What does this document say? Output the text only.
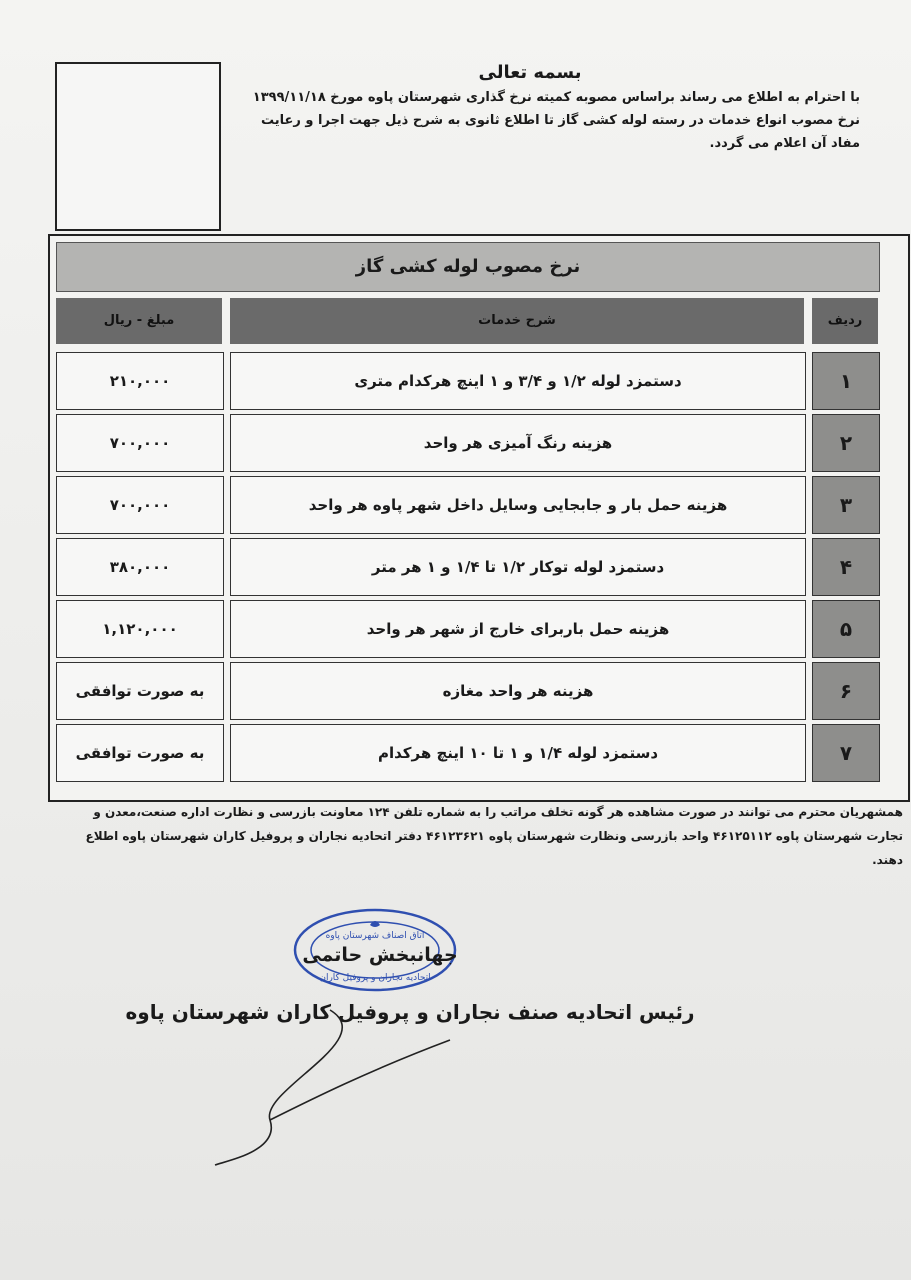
بسمه تعالی
با احترام به اطلاع می رساند براساس مصوبه کمیته نرخ گذاری شهرستان پاوه مورخ ۱۳۹۹/۱۱/۱۸ نرخ مصوب انواع خدمات در رسته لوله کشی گاز تا اطلاع ثانوی به شرح ذیل جهت اجرا و رعایت مفاد آن اعلام می گردد.
نرخ مصوب لوله کشی گاز
ردیف
شرح خدمات
مبلغ - ریال
۱
دستمزد لوله ۱/۲ و ۳/۴ و ۱ اینچ هرکدام متری
۲۱۰,۰۰۰
۲
هزینه رنگ آمیزی هر واحد
۷۰۰,۰۰۰
۳
هزینه حمل بار و جابجایی وسایل داخل شهر پاوه هر واحد
۷۰۰,۰۰۰
۴
دستمزد لوله توکار ۱/۲ تا ۱/۴ و ۱ هر متر
۳۸۰,۰۰۰
۵
هزینه حمل باربرای خارج از شهر هر واحد
۱,۱۲۰,۰۰۰
۶
هزینه هر واحد مغازه
به صورت توافقی
۷
دستمزد لوله ۱/۴ و ۱ تا ۱۰ اینچ هرکدام
به صورت توافقی
همشهریان محترم می توانند در صورت مشاهده هر گونه تخلف مراتب را به شماره تلفن ۱۲۴ معاونت بازرسی و نظارت اداره صنعت،معدن و تجارت شهرستان پاوه ۴۶۱۲۵۱۱۲ واحد بازرسی ونظارت شهرستان پاوه ۴۶۱۲۳۶۲۱ دفتر اتحادیه نجاران و پروفیل کاران شهرستان پاوه اطلاع دهند.
اتاق اصناف شهرستان پاوه
اتحادیه نجاران و پروفیل کاران
جهانبخش حاتمی
رئیس اتحادیه صنف نجاران و پروفیل کاران شهرستان پاوه
